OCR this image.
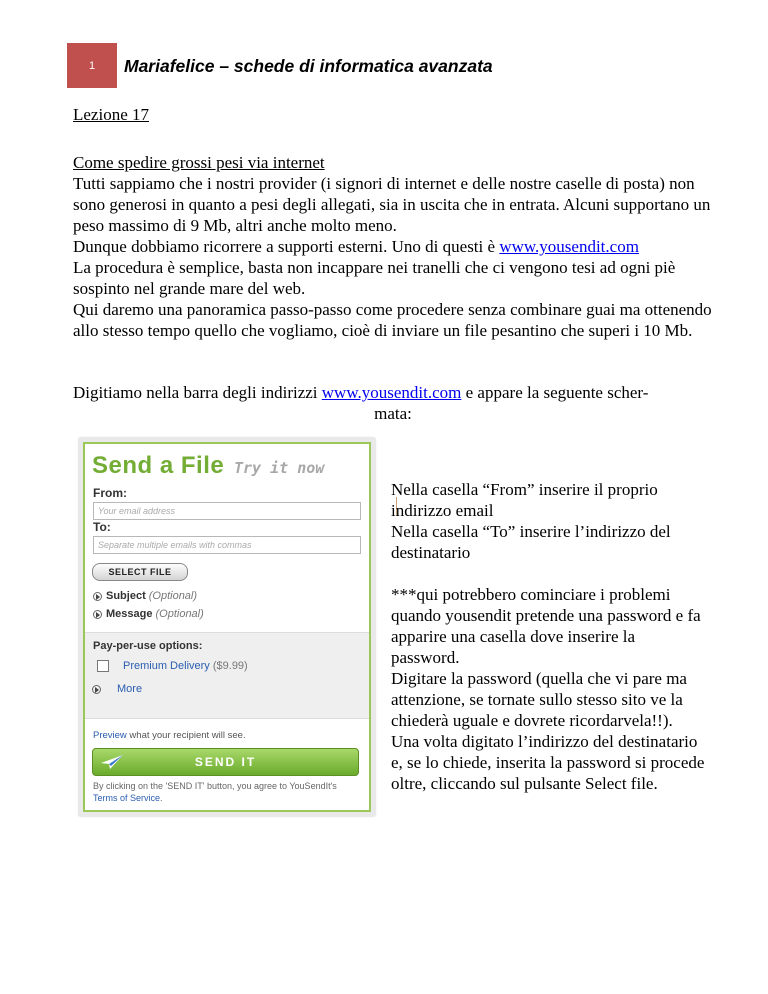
1	Mariafelice – schede di informatica avanzata
Lezione 17

Come spedire grossi pesi via internet

Tutti sappiamo che i nostri provider (i signori di internet e delle nostre caselle di posta) non sono generosi in quanto a pesi degli allegati, sia in uscita che in entrata. Alcuni supportano un peso massimo di 9 Mb, altri anche molto meno.

Dunque dobbiamo ricorrere a supporti esterni. Uno di questi è www.yousendit.com

La procedura è semplice, basta non incappare nei tranelli che ci vengono tesi ad ogni piè sospinto nel grande mare del web.

Qui daremo una panoramica passo-passo come procedere senza combinare guai ma ottenendo allo stesso tempo quello che vogliamo, cioè di inviare un file pesantino che superi i 10 Mb.

Digitiamo nella barra degli indirizzi www.yousendit.com e appare la seguente scher-
mata:
Send a File Try it now
From:
Your email address
To:
Separate multiple emails with commas
SELECT FILE
Subject (Optional)
Message (Optional)
Pay-per-use options:
Premium Delivery
($9.99)
More
Preview what your recipient will see.
SEND IT
By clicking on the 'SEND IT' button, you agree to YouSendIt's Terms of Service.

Nella casella “From” inserire il proprio indirizzo email

Nella casella “To” inserire l’indirizzo del destinatario

***qui potrebbero cominciare i problemi quando yousendit pretende una password e fa apparire una casella dove inserire la password.

Digitare la password (quella che vi pare ma attenzione, se tornate sullo stesso sito ve la chiederà uguale e dovrete ricordarvela!!).

Una volta digitato l’indirizzo del destinatario e, se lo chiede, inserita la password si procede oltre, cliccando sul pulsante Select file.
